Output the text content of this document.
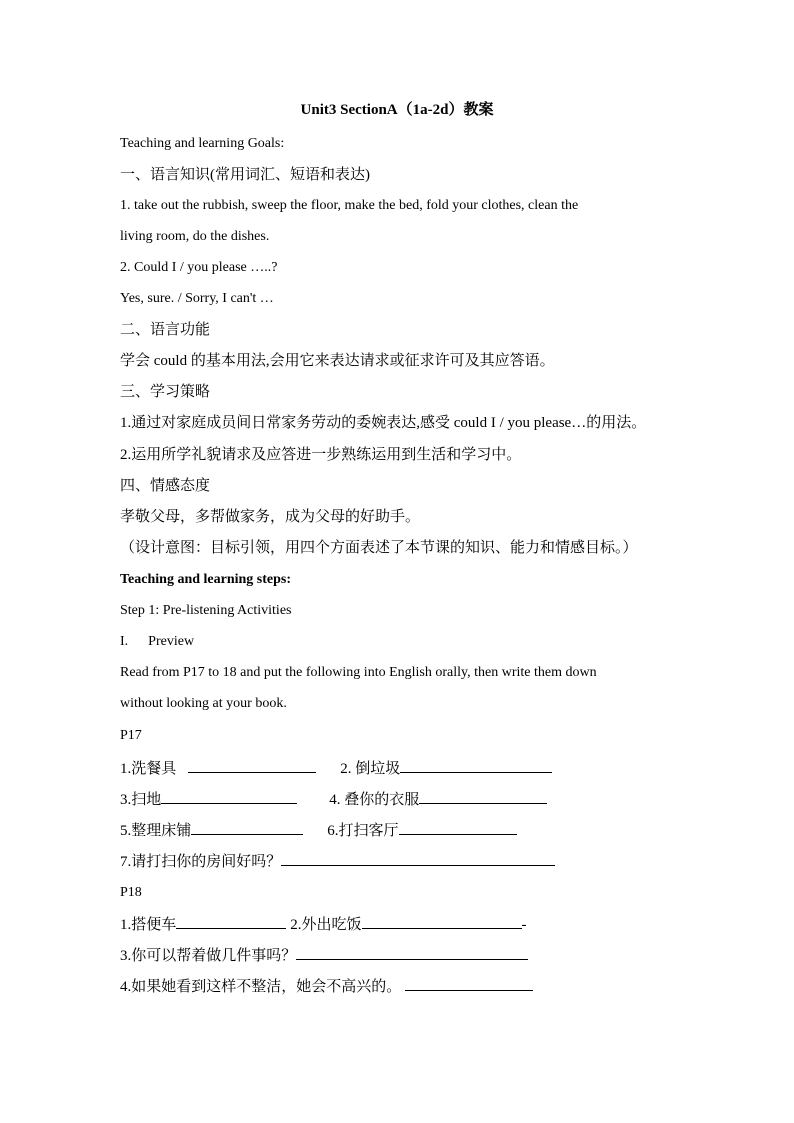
Unit3 SectionA（1a-2d）教案
Teaching and learning Goals:
一、语言知识(常用词汇、短语和表达)
1. take out the rubbish, sweep the floor, make the bed, fold your clothes, clean the
living room, do the dishes.
2. Could I / you please …..?
Yes, sure. / Sorry, I can't …
二、语言功能
学会 could 的基本用法,会用它来表达请求或征求许可及其应答语。
三、学习策略
1.通过对家庭成员间日常家务劳动的委婉表达,感受 could I / you please…的用法。
2.运用所学礼貌请求及应答进一步熟练运用到生活和学习中。
四、情感态度
孝敬父母，多帮做家务，成为父母的好助手。
（设计意图：目标引领，用四个方面表述了本节课的知识、能力和情感目标。）
Teaching and learning steps:
Step 1: Pre-listening Activities
I. Preview
Read from P17 to 18 and put the following into English orally, then write them down
without looking at your book.
P17
1.洗餐具	2. 倒垃圾
3.扫地	4. 叠你的衣服
5.整理床铺	6.打扫客厅
7.请打扫你的房间好吗？
P18
1.搭便车	2.外出吃饭	-
3.你可以帮着做几件事吗？
4.如果她看到这样不整洁，她会不高兴的。
